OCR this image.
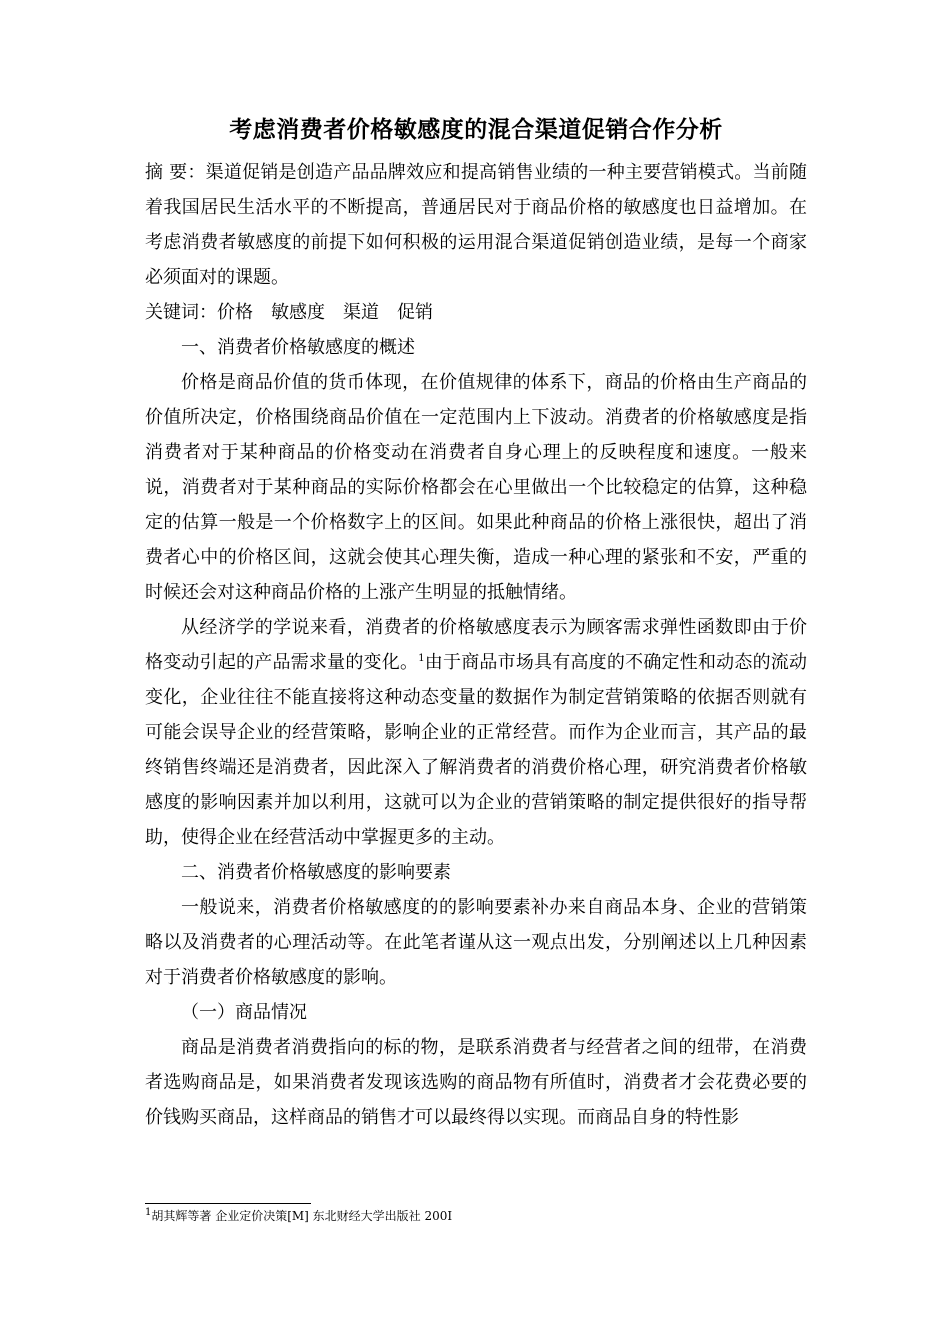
考虑消费者价格敏感度的混合渠道促销合作分析

摘 要：渠道促销是创造产品品牌效应和提高销售业绩的一种主要营销模式。当前随着我国居民生活水平的不断提高，普通居民对于商品价格的敏感度也日益增加。在考虑消费者敏感度的前提下如何积极的运用混合渠道促销创造业绩，是每一个商家必须面对的课题。

关键词：价格 敏感度 渠道 促销

一、消费者价格敏感度的概述

价格是商品价值的货币体现，在价值规律的体系下，商品的价格由生产商品的价值所决定，价格围绕商品价值在一定范围内上下波动。消费者的价格敏感度是指消费者对于某种商品的价格变动在消费者自身心理上的反映程度和速度。一般来说，消费者对于某种商品的实际价格都会在心里做出一个比较稳定的估算，这种稳定的估算一般是一个价格数字上的区间。如果此种商品的价格上涨很快，超出了消费者心中的价格区间，这就会使其心理失衡，造成一种心理的紧张和不安，严重的时候还会对这种商品价格的上涨产生明显的抵触情绪。

从经济学的学说来看，消费者的价格敏感度表示为顾客需求弹性函数即由于价格变动引起的产品需求量的变化。$^1$由于商品市场具有高度的不确定性和动态的流动变化，企业往往不能直接将这种动态变量的数据作为制定营销策略的依据否则就有可能会误导企业的经营策略，影响企业的正常经营。而作为企业而言，其产品的最终销售终端还是消费者，因此深入了解消费者的消费价格心理，研究消费者价格敏感度的影响因素并加以利用，这就可以为企业的营销策略的制定提供很好的指导帮助，使得企业在经营活动中掌握更多的主动。

二、消费者价格敏感度的影响要素

一般说来，消费者价格敏感度的的影响要素补办来自商品本身、企业的营销策略以及消费者的心理活动等。在此笔者谨从这一观点出发，分别阐述以上几种因素对于消费者价格敏感度的影响。

（一）商品情况

商品是消费者消费指向的标的物，是联系消费者与经营者之间的纽带，在消费者选购商品是，如果消费者发现该选购的商品物有所值时，消费者才会花费必要的价钱购买商品，这样商品的销售才可以最终得以实现。而商品自身的特性影

$^1$胡其辉等著 企业定价决策[M] 东北财经大学出版社 200I
